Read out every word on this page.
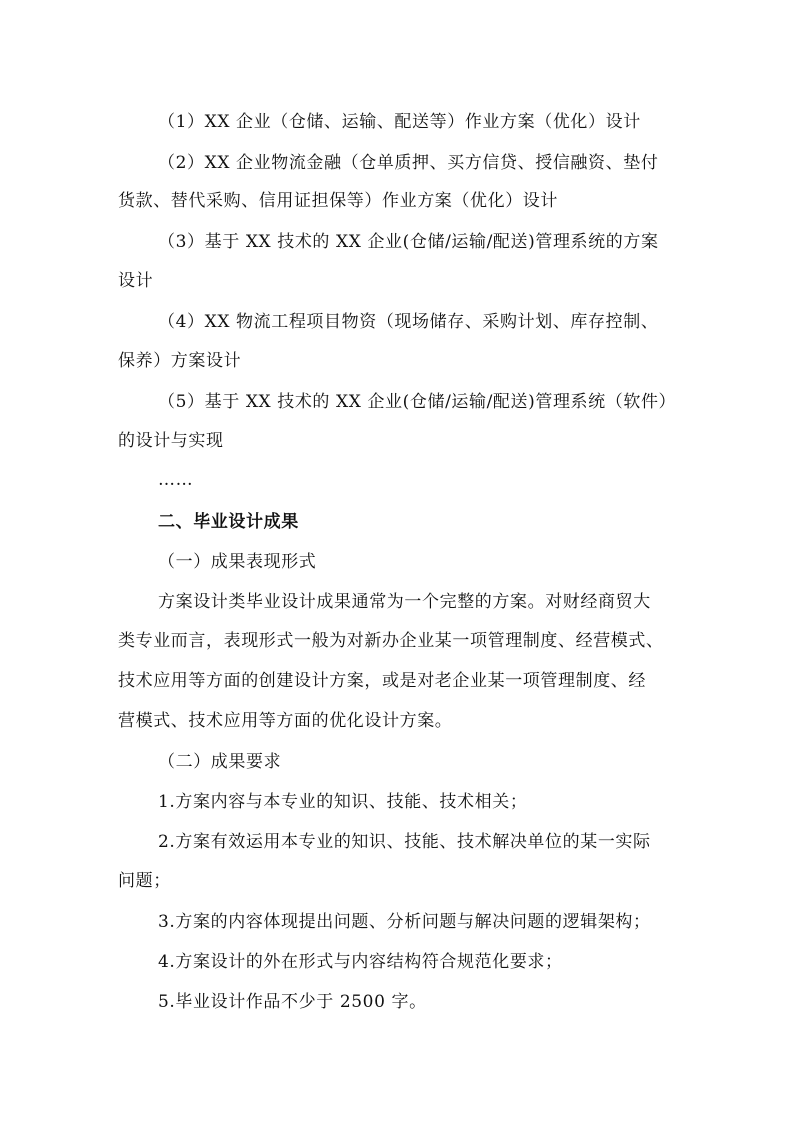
（1）XX 企业（仓储、运输、配送等）作业方案（优化）设计
（2）XX 企业物流金融（仓单质押、买方信贷、授信融资、垫付
货款、替代采购、信用证担保等）作业方案（优化）设计
（3）基于 XX 技术的 XX 企业(仓储/运输/配送)管理系统的方案
设计
（4）XX 物流工程项目物资（现场储存、采购计划、库存控制、
保养）方案设计
（5）基于 XX 技术的 XX 企业(仓储/运输/配送)管理系统（软件）
的设计与实现
……
二、毕业设计成果
（一）成果表现形式
方案设计类毕业设计成果通常为一个完整的方案。对财经商贸大
类专业而言，表现形式一般为对新办企业某一项管理制度、经营模式、
技术应用等方面的创建设计方案，或是对老企业某一项管理制度、经
营模式、技术应用等方面的优化设计方案。
（二）成果要求
1.方案内容与本专业的知识、技能、技术相关；
2.方案有效运用本专业的知识、技能、技术解决单位的某一实际
问题；
3.方案的内容体现提出问题、分析问题与解决问题的逻辑架构；
4.方案设计的外在形式与内容结构符合规范化要求；
5.毕业设计作品不少于 2500 字。
